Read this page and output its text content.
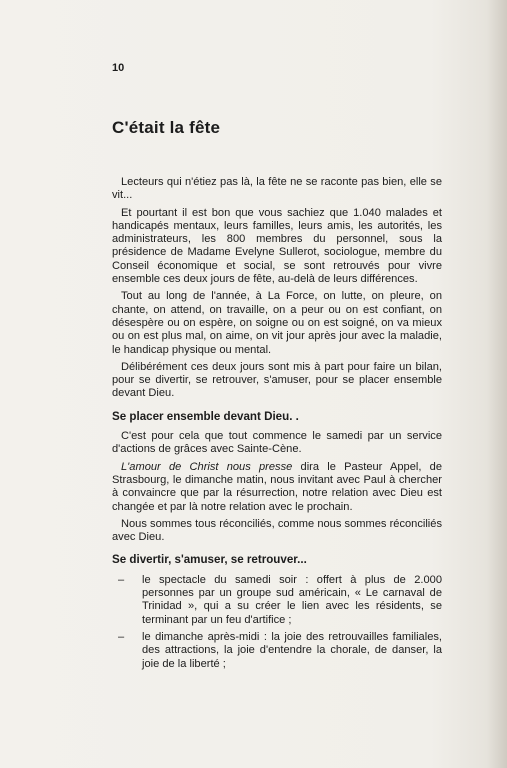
10
C'était la fête

Lecteurs qui n'étiez pas là, la fête ne se raconte pas bien, elle se vit...

Et pourtant il est bon que vous sachiez que 1.040 malades et handicapés mentaux, leurs familles, leurs amis, les autorités, les administrateurs, les 800 membres du personnel, sous la présidence de Madame Evelyne Sullerot, sociologue, membre du Conseil économique et social, se sont retrouvés pour vivre ensemble ces deux jours de fête, au-delà de leurs différences.

Tout au long de l'année, à La Force, on lutte, on pleure, on chante, on attend, on travaille, on a peur ou on est confiant, on désespère ou on espère, on soigne ou on est soigné, on va mieux ou on est plus mal, on aime, on vit jour après jour avec la maladie, le handicap physique ou mental.

Délibérément ces deux jours sont mis à part pour faire un bilan, pour se divertir, se retrouver, s'amuser, pour se placer ensemble devant Dieu.

Se placer ensemble devant Dieu. .

C'est pour cela que tout commence le samedi par un service d'actions de grâces avec Sainte-Cène.

L'amour de Christ nous presse dira le Pasteur Appel, de Strasbourg, le dimanche matin, nous invitant avec Paul à chercher à convaincre que par la résurrection, notre relation avec Dieu est changée et par là notre relation avec le prochain.

Nous sommes tous réconciliés, comme nous sommes réconciliés avec Dieu.

Se divertir, s'amuser, se retrouver...
– le spectacle du samedi soir : offert à plus de 2.000 personnes par un groupe sud américain, « Le carnaval de Trinidad », qui a su créer le lien avec les résidents, se terminant par un feu d'artifice ;
– le dimanche après-midi : la joie des retrouvailles familiales, des attractions, la joie d'entendre la chorale, de danser, la joie de la liberté ;
